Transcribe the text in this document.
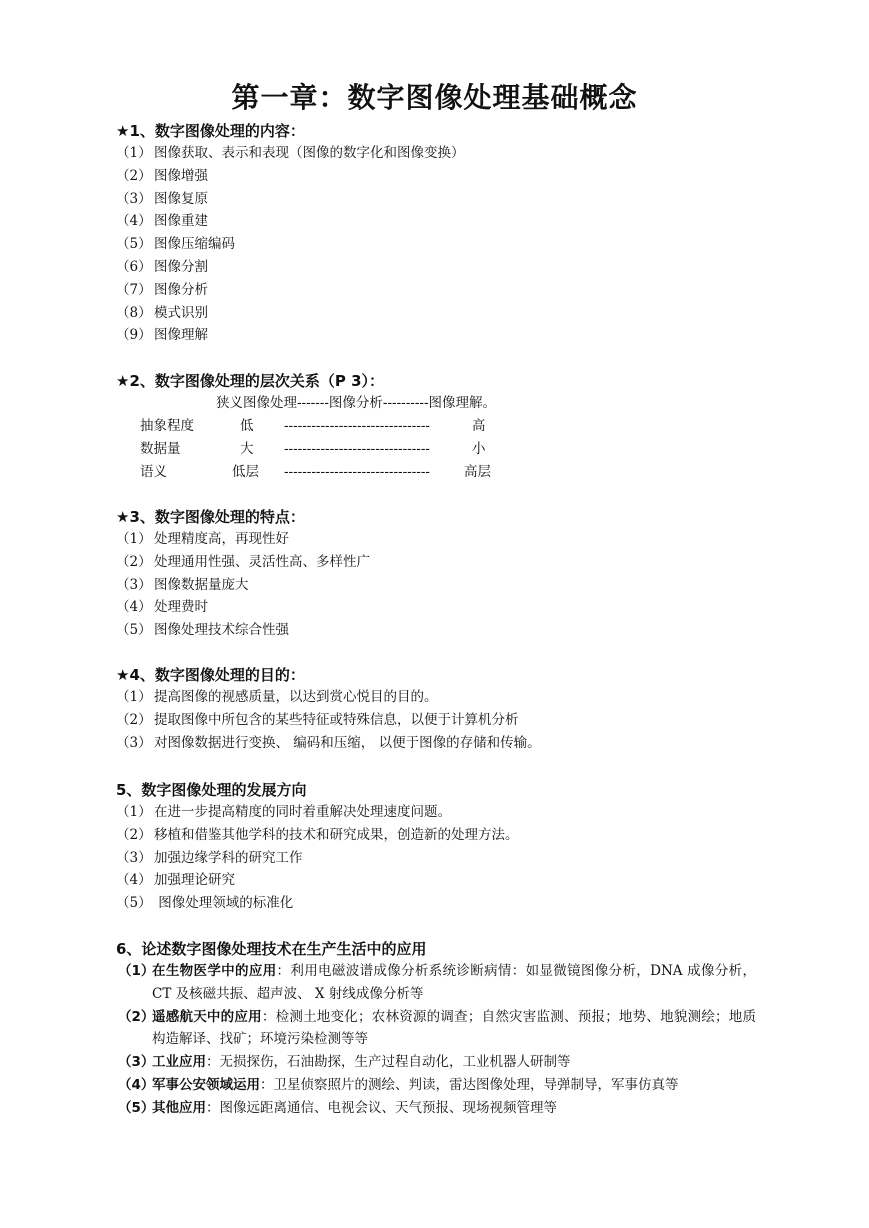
第一章：数字图像处理基础概念
★1、数字图像处理的内容：
（1） 图像获取、表示和表现（图像的数字化和图像变换）
（2） 图像增强
（3） 图像复原
（4） 图像重建
（5） 图像压缩编码
（6） 图像分割
（7） 图像分析
（8） 模式识别
（9） 图像理解
★2、数字图像处理的层次关系（P 3）：
狭义图像处理-------图像分析----------图像理解。
抽象程度	低 --------------------------------	高
数据量	大 --------------------------------	小
语义	低层 --------------------------------	高层
★3、数字图像处理的特点：
（1） 处理精度高，再现性好
（2） 处理通用性强、灵活性高、多样性广
（3） 图像数据量庞大
（4） 处理费时
（5） 图像处理技术综合性强
★4、数字图像处理的目的：
（1） 提高图像的视感质量，以达到赏心悦目的目的。
（2） 提取图像中所包含的某些特征或特殊信息，以便于计算机分析
（3） 对图像数据进行变换、 编码和压缩， 以便于图像的存储和传输。
5、数字图像处理的发展方向
（1） 在进一步提高精度的同时着重解决处理速度问题。
（2） 移植和借鉴其他学科的技术和研究成果，创造新的处理方法。
（3） 加强边缘学科的研究工作
（4） 加强理论研究
（5） 图像处理领域的标准化
6、论述数字图像处理技术在生产生活中的应用
（1）
在生物医学中的应用：利用电磁波谱成像分析系统诊断病情：如显微镜图像分析，DNA 成像分析，CT 及核磁共振、超声波、 X 射线成像分析等
（2）
遥感航天中的应用：检测土地变化；农林资源的调查；自然灾害监测、预报；地势、地貌测绘；地质构造解译、找矿；环境污染检测等等
（3）
工业应用：无损探伤，石油勘探，生产过程自动化，工业机器人研制等
（4）
军事公安领域运用：卫星侦察照片的测绘、判读，雷达图像处理，导弹制导，军事仿真等
（5）
其他应用：图像远距离通信、电视会议、天气预报、现场视频管理等
